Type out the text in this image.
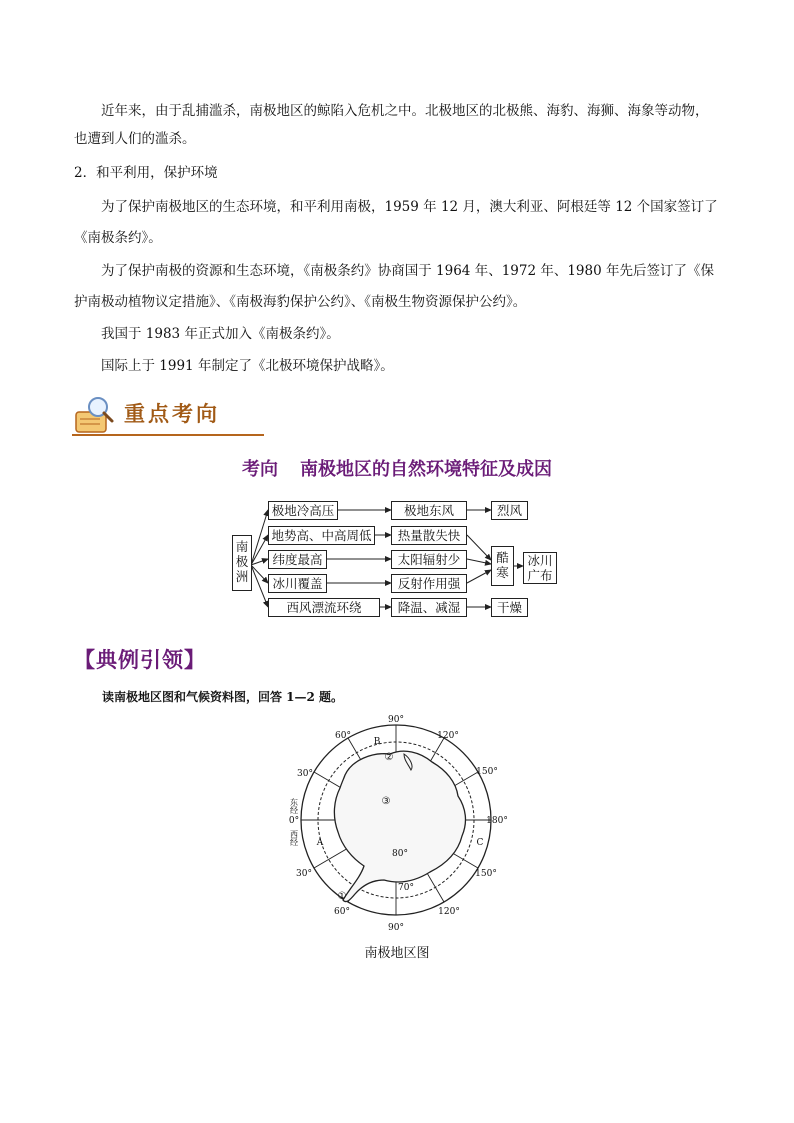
近年来，由于乱捕滥杀，南极地区的鲸陷入危机之中。北极地区的北极熊、海豹、海狮、海象等动物，
也遭到人们的滥杀。
2．和平利用，保护环境
为了保护南极地区的生态环境，和平利用南极，1959 年 12 月，澳大利亚、阿根廷等 12 个国家签订了
《南极条约》。
为了保护南极的资源和生态环境，《南极条约》协商国于 1964 年、1972 年、1980 年先后签订了《保
护南极动植物议定措施》、《南极海豹保护公约》、《南极生物资源保护公约》。
我国于 1983 年正式加入《南极条约》。
国际上于 1991 年制定了《北极环境保护战略》。
重点考向
考向 南极地区的自然环境特征及成因
南极洲
极地冷高压
地势高、中高周低
纬度最高
冰川覆盖
西风漂流环绕
极地东风
热量散失快
太阳辐射少
反射作用强
降温、减湿
烈风
酷寒
冰川广布
干燥
【典例引领】
读南极地区图和气候资料图，回答 1—2 题。
90°
60°	120°
150°
30°
30°	150°
60°	120°
90°
0°	180°
80°
70°
B
A	C
②
③
①
东经
西经
南极地区图
